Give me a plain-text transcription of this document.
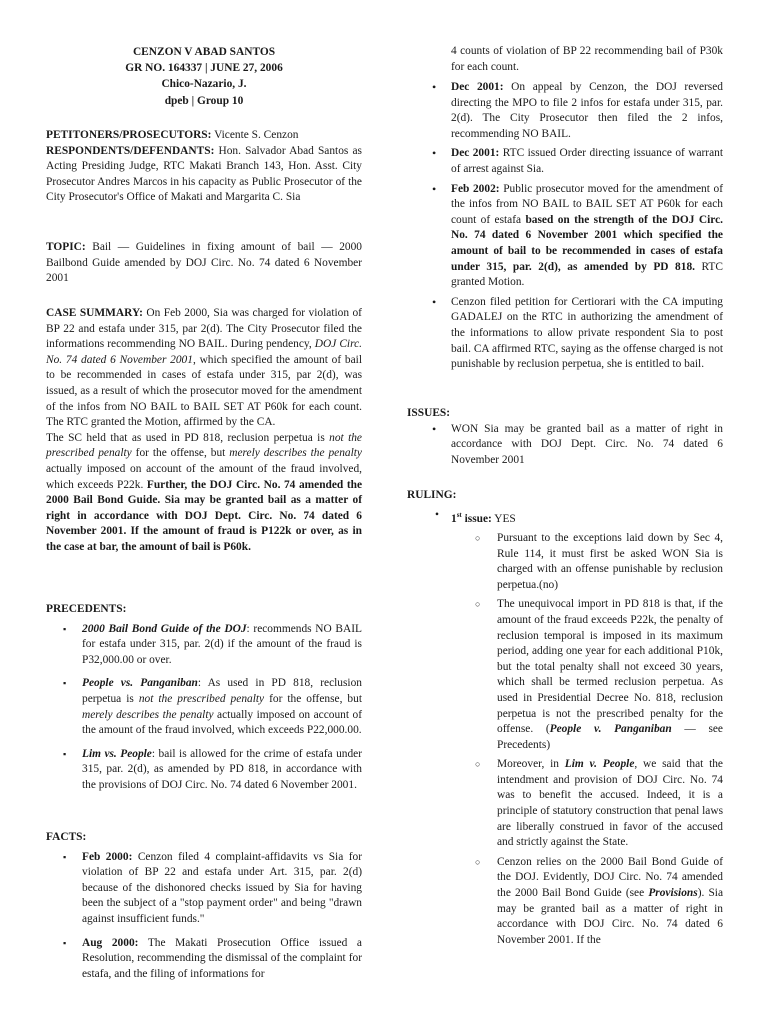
CENZON V ABAD SANTOS
GR NO. 164337 | JUNE 27, 2006
Chico-Nazario, J.
dpeb | Group 10
PETITONERS/PROSECUTORS: Vicente S. Cenzon
RESPONDENTS/DEFENDANTS: Hon. Salvador Abad Santos as Acting Presiding Judge, RTC Makati Branch 143, Hon. Asst. City Prosecutor Andres Marcos in his capacity as Public Prosecutor of the City Prosecutor's Office of Makati and Margarita C. Sia
TOPIC: Bail — Guidelines in fixing amount of bail — 2000 Bailbond Guide amended by DOJ Circ. No. 74 dated 6 November 2001
CASE SUMMARY: On Feb 2000, Sia was charged for violation of BP 22 and estafa under 315, par 2(d). The City Prosecutor filed the informations recommending NO BAIL. During pendency, DOJ Circ. No. 74 dated 6 November 2001, which specified the amount of bail to be recommended in cases of estafa under 315, par 2(d), was issued, as a result of which the prosecutor moved for the amendment of the infos from NO BAIL to BAIL SET AT P60k for each count. The RTC granted the Motion, affirmed by the CA.
The SC held that as used in PD 818, reclusion perpetua is not the prescribed penalty for the offense, but merely describes the penalty actually imposed on account of the amount of the fraud involved, which exceeds P22k. Further, the DOJ Circ. No. 74 amended the 2000 Bail Bond Guide. Sia may be granted bail as a matter of right in accordance with DOJ Dept. Circ. No. 74 dated 6 November 2001. If the amount of fraud is P122k or over, as in the case at bar, the amount of bail is P60k.
PRECEDENTS:
▪ 2000 Bail Bond Guide of the DOJ: recommends NO BAIL for estafa under 315, par. 2(d) if the amount of the fraud is P32,000.00 or over.
▪ People vs. Panganiban: As used in PD 818, reclusion perpetua is not the prescribed penalty for the offense, but merely describes the penalty actually imposed on account of the amount of the fraud involved, which exceeds P22,000.00.
▪ Lim vs. People: bail is allowed for the crime of estafa under 315, par. 2(d), as amended by PD 818, in accordance with the provisions of DOJ Circ. No. 74 dated 6 November 2001.
FACTS:
▪ Feb 2000: Cenzon filed 4 complaint-affidavits vs Sia for violation of BP 22 and estafa under Art. 315, par. 2(d) because of the dishonored checks issued by Sia for having been the subject of a "stop payment order" and being "drawn against insufficient funds."
▪ Aug 2000: The Makati Prosecution Office issued a Resolution, recommending the dismissal of the complaint for estafa, and the filing of informations for
4 counts of violation of BP 22 recommending bail of P30k for each count.
• Dec 2001: On appeal by Cenzon, the DOJ reversed directing the MPO to file 2 infos for estafa under 315, par. 2(d). The City Prosecutor then filed the 2 infos, recommending NO BAIL.
• Dec 2001: RTC issued Order directing issuance of warrant of arrest against Sia.
• Feb 2002: Public prosecutor moved for the amendment of the infos from NO BAIL to BAIL SET AT P60k for each count of estafa based on the strength of the DOJ Circ. No. 74 dated 6 November 2001 which specified the amount of bail to be recommended in cases of estafa under 315, par. 2(d), as amended by PD 818. RTC granted Motion.
• Cenzon filed petition for Certiorari with the CA imputing GADALEJ on the RTC in authorizing the amendment of the informations to allow private respondent Sia to post bail. CA affirmed RTC, saying as the offense charged is not punishable by reclusion perpetua, she is entitled to bail.
ISSUES:
• WON Sia may be granted bail as a matter of right in accordance with DOJ Dept. Circ. No. 74 dated 6 November 2001
RULING:
• 1st issue: YES
○ Pursuant to the exceptions laid down by Sec 4, Rule 114, it must first be asked WON Sia is charged with an offense punishable by reclusion perpetua.(no)
○ The unequivocal import in PD 818 is that, if the amount of the fraud exceeds P22k, the penalty of reclusion temporal is imposed in its maximum period, adding one year for each additional P10k, but the total penalty shall not exceed 30 years, which shall be termed reclusion perpetua. As used in Presidential Decree No. 818, reclusion perpetua is not the prescribed penalty for the offense. (People v. Panganiban — see Precedents)
○ Moreover, in Lim v. People, we said that the intendment and provision of DOJ Circ. No. 74 was to benefit the accused. Indeed, it is a principle of statutory construction that penal laws are liberally construed in favor of the accused and strictly against the State.
○ Cenzon relies on the 2000 Bail Bond Guide of the DOJ. Evidently, DOJ Circ. No. 74 amended the 2000 Bail Bond Guide (see Provisions). Sia may be granted bail as a matter of right in accordance with DOJ Circ. No. 74 dated 6 November 2001. If the
